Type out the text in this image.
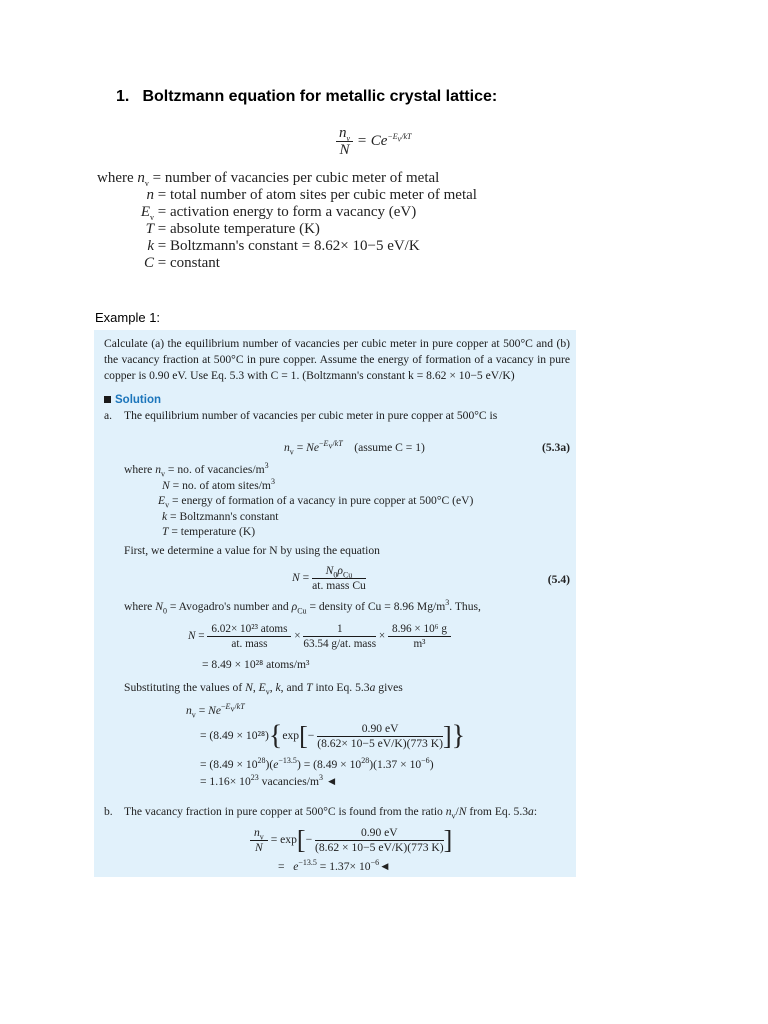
1. Boltzmann equation for metallic crystal lattice:
$\frac{n_v}{N} = Ce^{-E_v/kT}$
where $n_v$ = number of vacancies per cubic meter of metal
n = total number of atom sites per cubic meter of metal
$E_v$ = activation energy to form a vacancy (eV)
T = absolute temperature (K)
k = Boltzmann's constant = 8.62× 10−5 eV/K
C = constant
Example 1:
Calculate (a) the equilibrium number of vacancies per cubic meter in pure copper at 500°C and (b) the vacancy fraction at 500°C in pure copper. Assume the energy of formation of a vacancy in pure copper is 0.90 eV. Use Eq. 5.3 with C = 1. (Boltzmann's constant k = 8.62 × 10−5 eV/K)
Solution
a. The equilibrium number of vacancies per cubic meter in pure copper at 500°C is
$n_v = Ne^{-E_v/kT}$ (assume C = 1)	(5.3a)
where $n_v$ = no. of vacancies/$m^3$
N = no. of atom sites/$m^3$
$E_v$ = energy of formation of a vacancy in pure copper at 500°C (eV)
k = Boltzmann's constant
T = temperature (K)
First, we determine a value for N by using the equation
N =
$N_0\rho_{Cu}$
at. mass Cu	(5.4)
where $N_0$ = Avogadro's number and $\rho_{Cu}$ = density of Cu = 8.96 $Mg/m^3$. Thus,
N =
6.02× 10²³ atoms
at. mass
×
1
63.54 g/at. mass
× $\frac{\text{8.96 × 10⁶ g}}{\text{m³}}$
= 8.49 × 10²⁸ atoms/m³
Substituting the values of N, $E_v$, k, and T into Eq. 5.3a gives
$n_v = Ne^{-E_v/kT}$
= $(8.49 \times 10^{28})\{\exp[- \frac{0.90 eV}{(8.62\times 10-5 eV/K)(773 K)}$ ]}
= $(8.49 \times 10^{28})(e^{-13.5}) = (8.49 \times 10^{28})(1.37 \times 10^{-6})$
= $1.16\times 10^{23}$ vacancies/$m^3$ ◄
b. The vacancy fraction in pure copper at 500°C is found from the ratio $n_v/N$ from Eq. 5.3a:
$\frac{n_v}{N} = \exp[- \frac{0.90 eV}{(8.62 \times 10-5 eV/K)(773 K)}$ ]
=   $e^{-13.5} = 1.37\times$ $10^{-6}◄$
